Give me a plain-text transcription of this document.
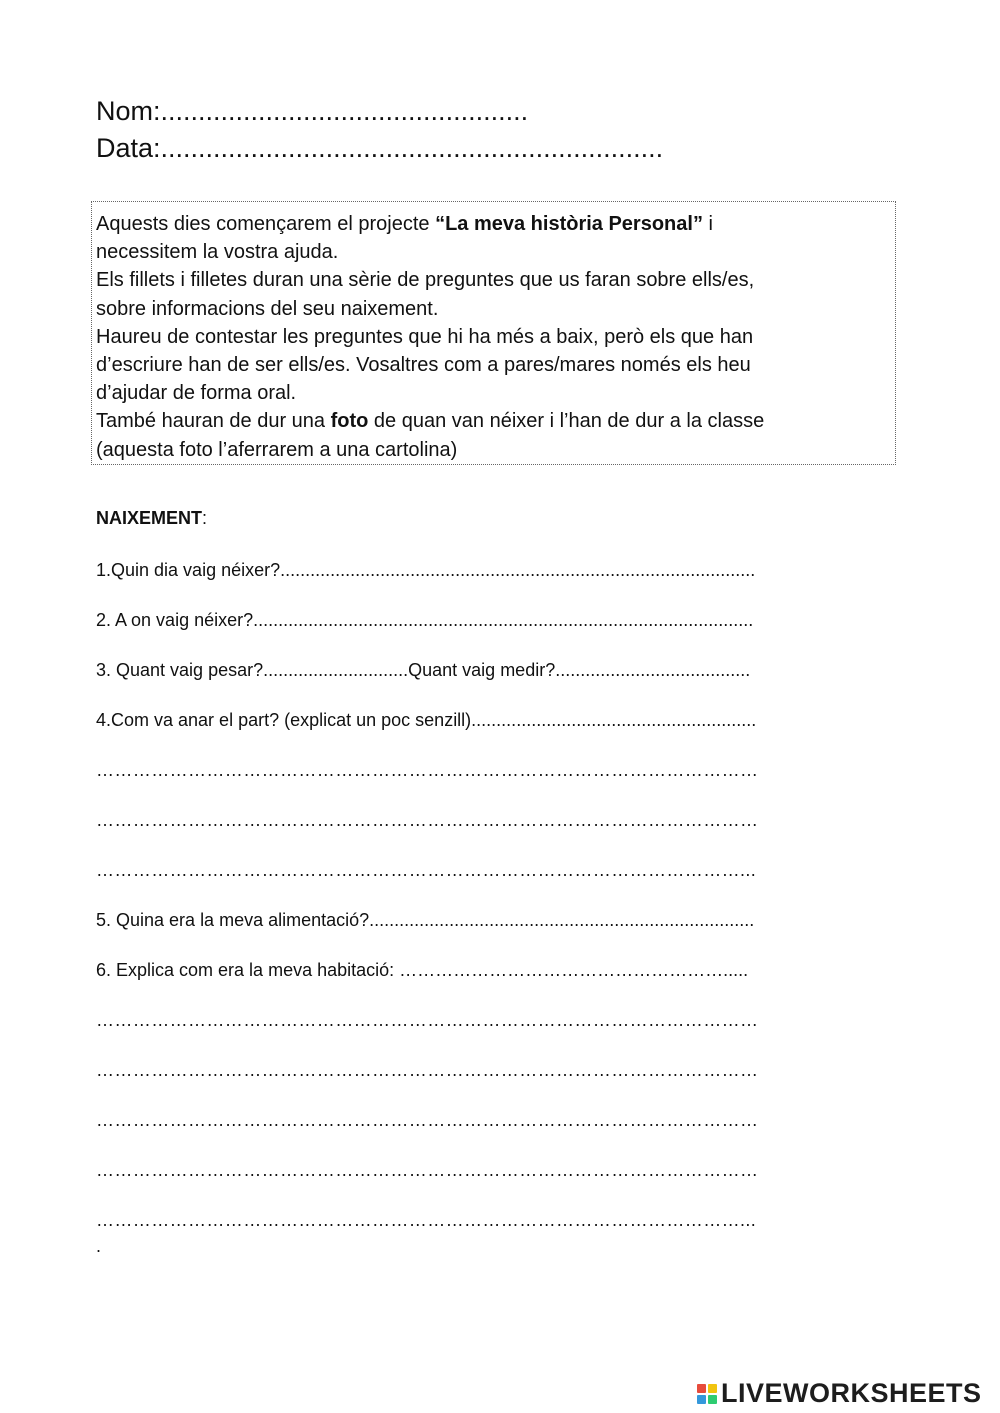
Nom:.................................................
Data:...................................................................

Aquests dies començarem el projecte “La meva història Personal” i

necessitem la vostra ajuda.

Els fillets i filletes duran una sèrie de preguntes que us faran sobre ells/es,

sobre informacions del seu naixement.

Haureu de contestar les preguntes que hi ha més a baix, però els que han

d’escriure han de ser ells/es. Vosaltres com a pares/mares només els heu

d’ajudar de forma oral.

També hauran de dur una foto de quan van néixer i l’han de dur a la classe

(aquesta foto l’aferrarem a una cartolina)

NAIXEMENT:
1.Quin dia vaig néixer?...............................................................................................
2. A on vaig néixer?....................................................................................................
3. Quant vaig pesar?.............................Quant vaig medir?.......................................
4.Com va anar el part? (explicat un poc senzill).........................................................
………………………………………………………………………………………………
………………………………………………………………………………………………
……………………………………………………………………………………………...
5. Quina era la meva alimentació?.............................................................................
6. Explica com era la meva habitació: ……………………………………………….....
………………………………………………………………………………………………
………………………………………………………………………………………………
………………………………………………………………………………………………
………………………………………………………………………………………………
……………………………………………………………………………………………...
.
LIVEWORKSHEETS
